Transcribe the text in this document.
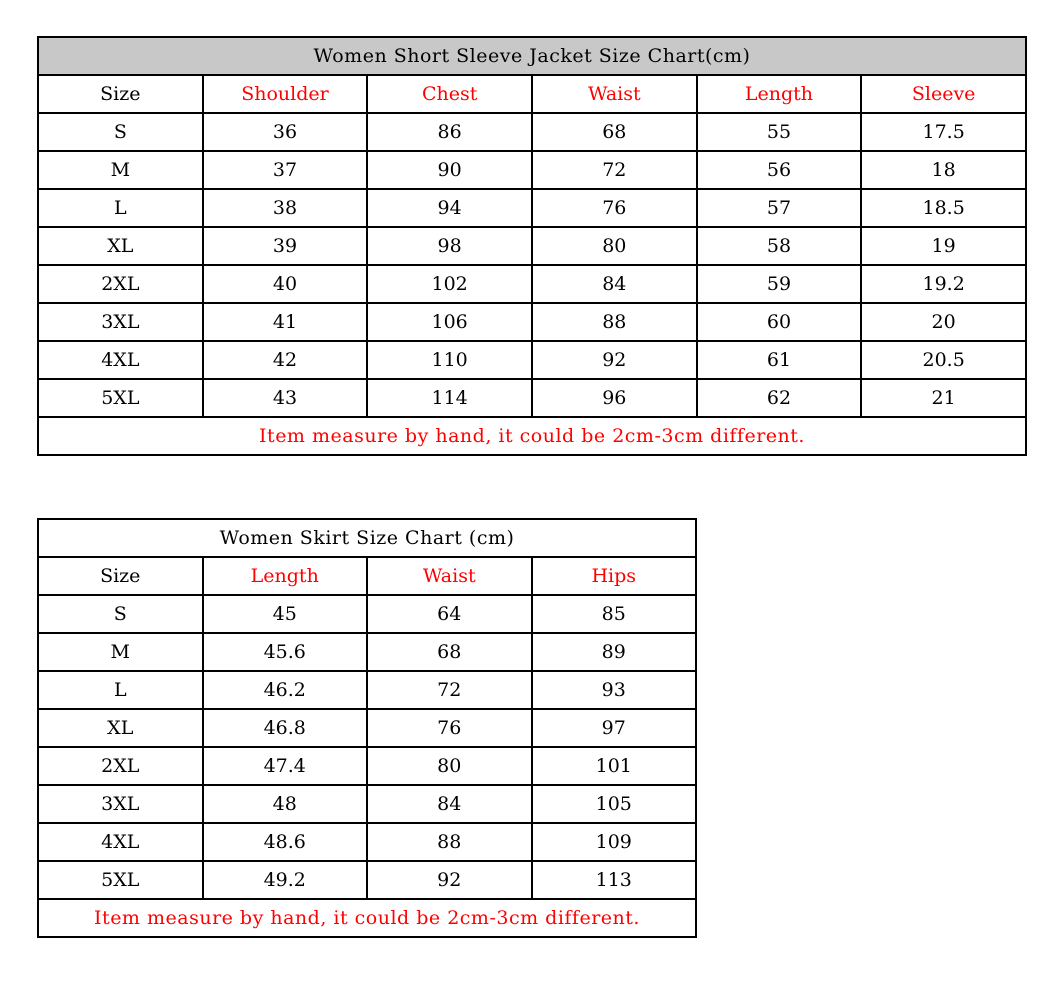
Women Short Sleeve Jacket Size Chart(cm)					
Size	Shoulder	Chest	Waist	Length	Sleeve
S	36	86	68	55	17.5
M	37	90	72	56	18
L	38	94	76	57	18.5
XL	39	98	80	58	19
2XL	40	102	84	59	19.2
3XL	41	106	88	60	20
4XL	42	110	92	61	20.5
5XL	43	114	96	62	21
Item measure by hand, it could be 2cm-3cm different.					
Women Skirt Size Chart (cm)			
Size	Length	Waist	Hips
S	45	64	85
M	45.6	68	89
L	46.2	72	93
XL	46.8	76	97
2XL	47.4	80	101
3XL	48	84	105
4XL	48.6	88	109
5XL	49.2	92	113
Item measure by hand, it could be 2cm-3cm different.			
